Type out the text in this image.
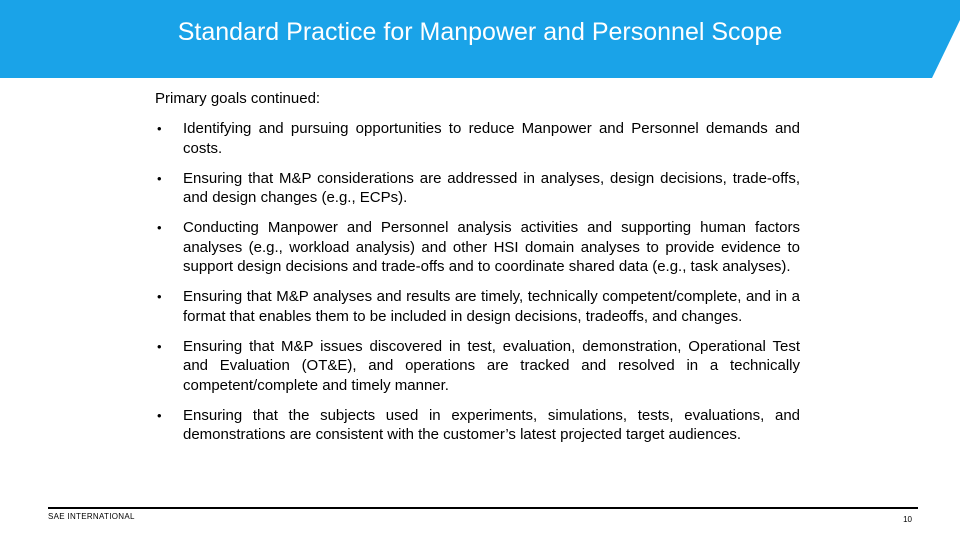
Standard Practice for Manpower and Personnel Scope
Primary goals continued:
• Identifying and pursuing opportunities to reduce Manpower and Personnel demands and costs.
• Ensuring that M&P considerations are addressed in analyses, design decisions, trade-offs, and design changes (e.g., ECPs).
• Conducting Manpower and Personnel analysis activities and supporting human factors analyses (e.g., workload analysis) and other HSI domain analyses to provide evidence to support design decisions and trade-offs and to coordinate shared data (e.g., task analyses).
• Ensuring that M&P analyses and results are timely, technically competent/complete, and in a format that enables them to be included in design decisions, tradeoffs, and changes.
• Ensuring that M&P issues discovered in test, evaluation, demonstration, Operational Test and Evaluation (OT&E), and operations are tracked and resolved in a technically competent/complete and timely manner.
• Ensuring that the subjects used in experiments, simulations, tests, evaluations, and demonstrations are consistent with the customer’s latest projected target audiences.
SAE INTERNATIONAL	10
